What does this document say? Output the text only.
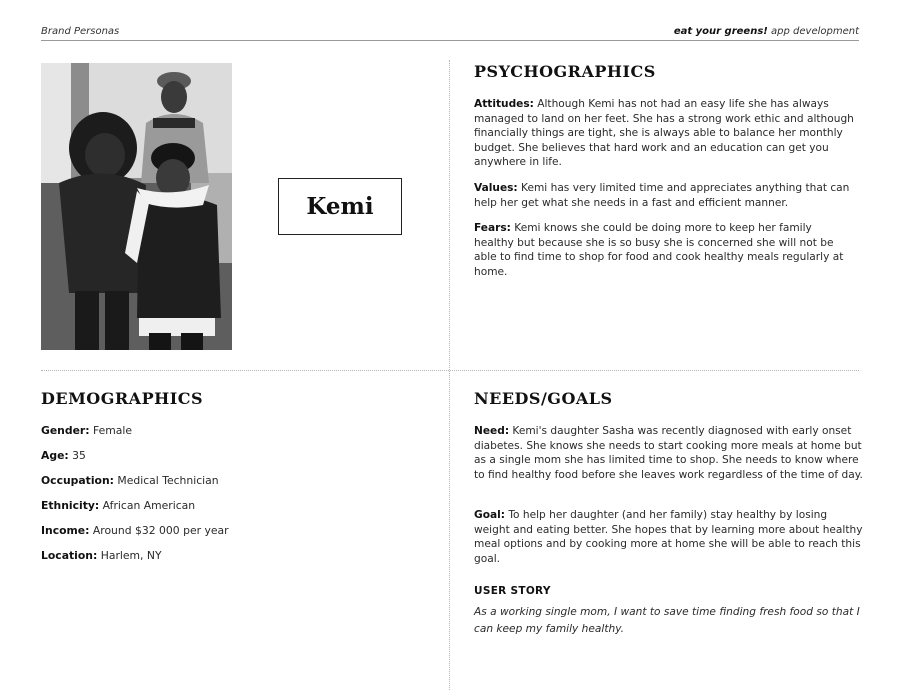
Brand Personas	eat your greens! app development
Kemi
PSYCHOGRAPHICS

Attitudes: Although Kemi has not had an easy life she has always managed to land on her feet. She has a strong work ethic and although financially things are tight, she is always able to balance her monthly budget. She believes that hard work and an education can get you anywhere in life.

Values: Kemi has very limited time and appreciates anything that can help her get what she needs in a fast and efficient manner.

Fears: Kemi knows she could be doing more to keep her family healthy but because she is so busy she is concerned she will not be able to find time to shop for food and cook healthy meals regularly at home.

DEMOGRAPHICS
Gender: Female
Age: 35
Occupation: Medical Technician
Ethnicity: African American
Income: Around $32 000 per year
Location: Harlem, NY
NEEDS/GOALS

Need: Kemi's daughter Sasha was recently diagnosed with early onset diabetes. She knows she needs to start cooking more meals at home but as a single mom she has limited time to shop. She needs to know where to find healthy food before she leaves work regardless of the time of day.

Goal: To help her daughter (and her family) stay healthy by losing weight and eating better. She hopes that by learning more about healthy meal options and by cooking more at home she will be able to reach this goal.

USER STORY
As a working single mom, I want to save time finding fresh food so that I can keep my family healthy.
